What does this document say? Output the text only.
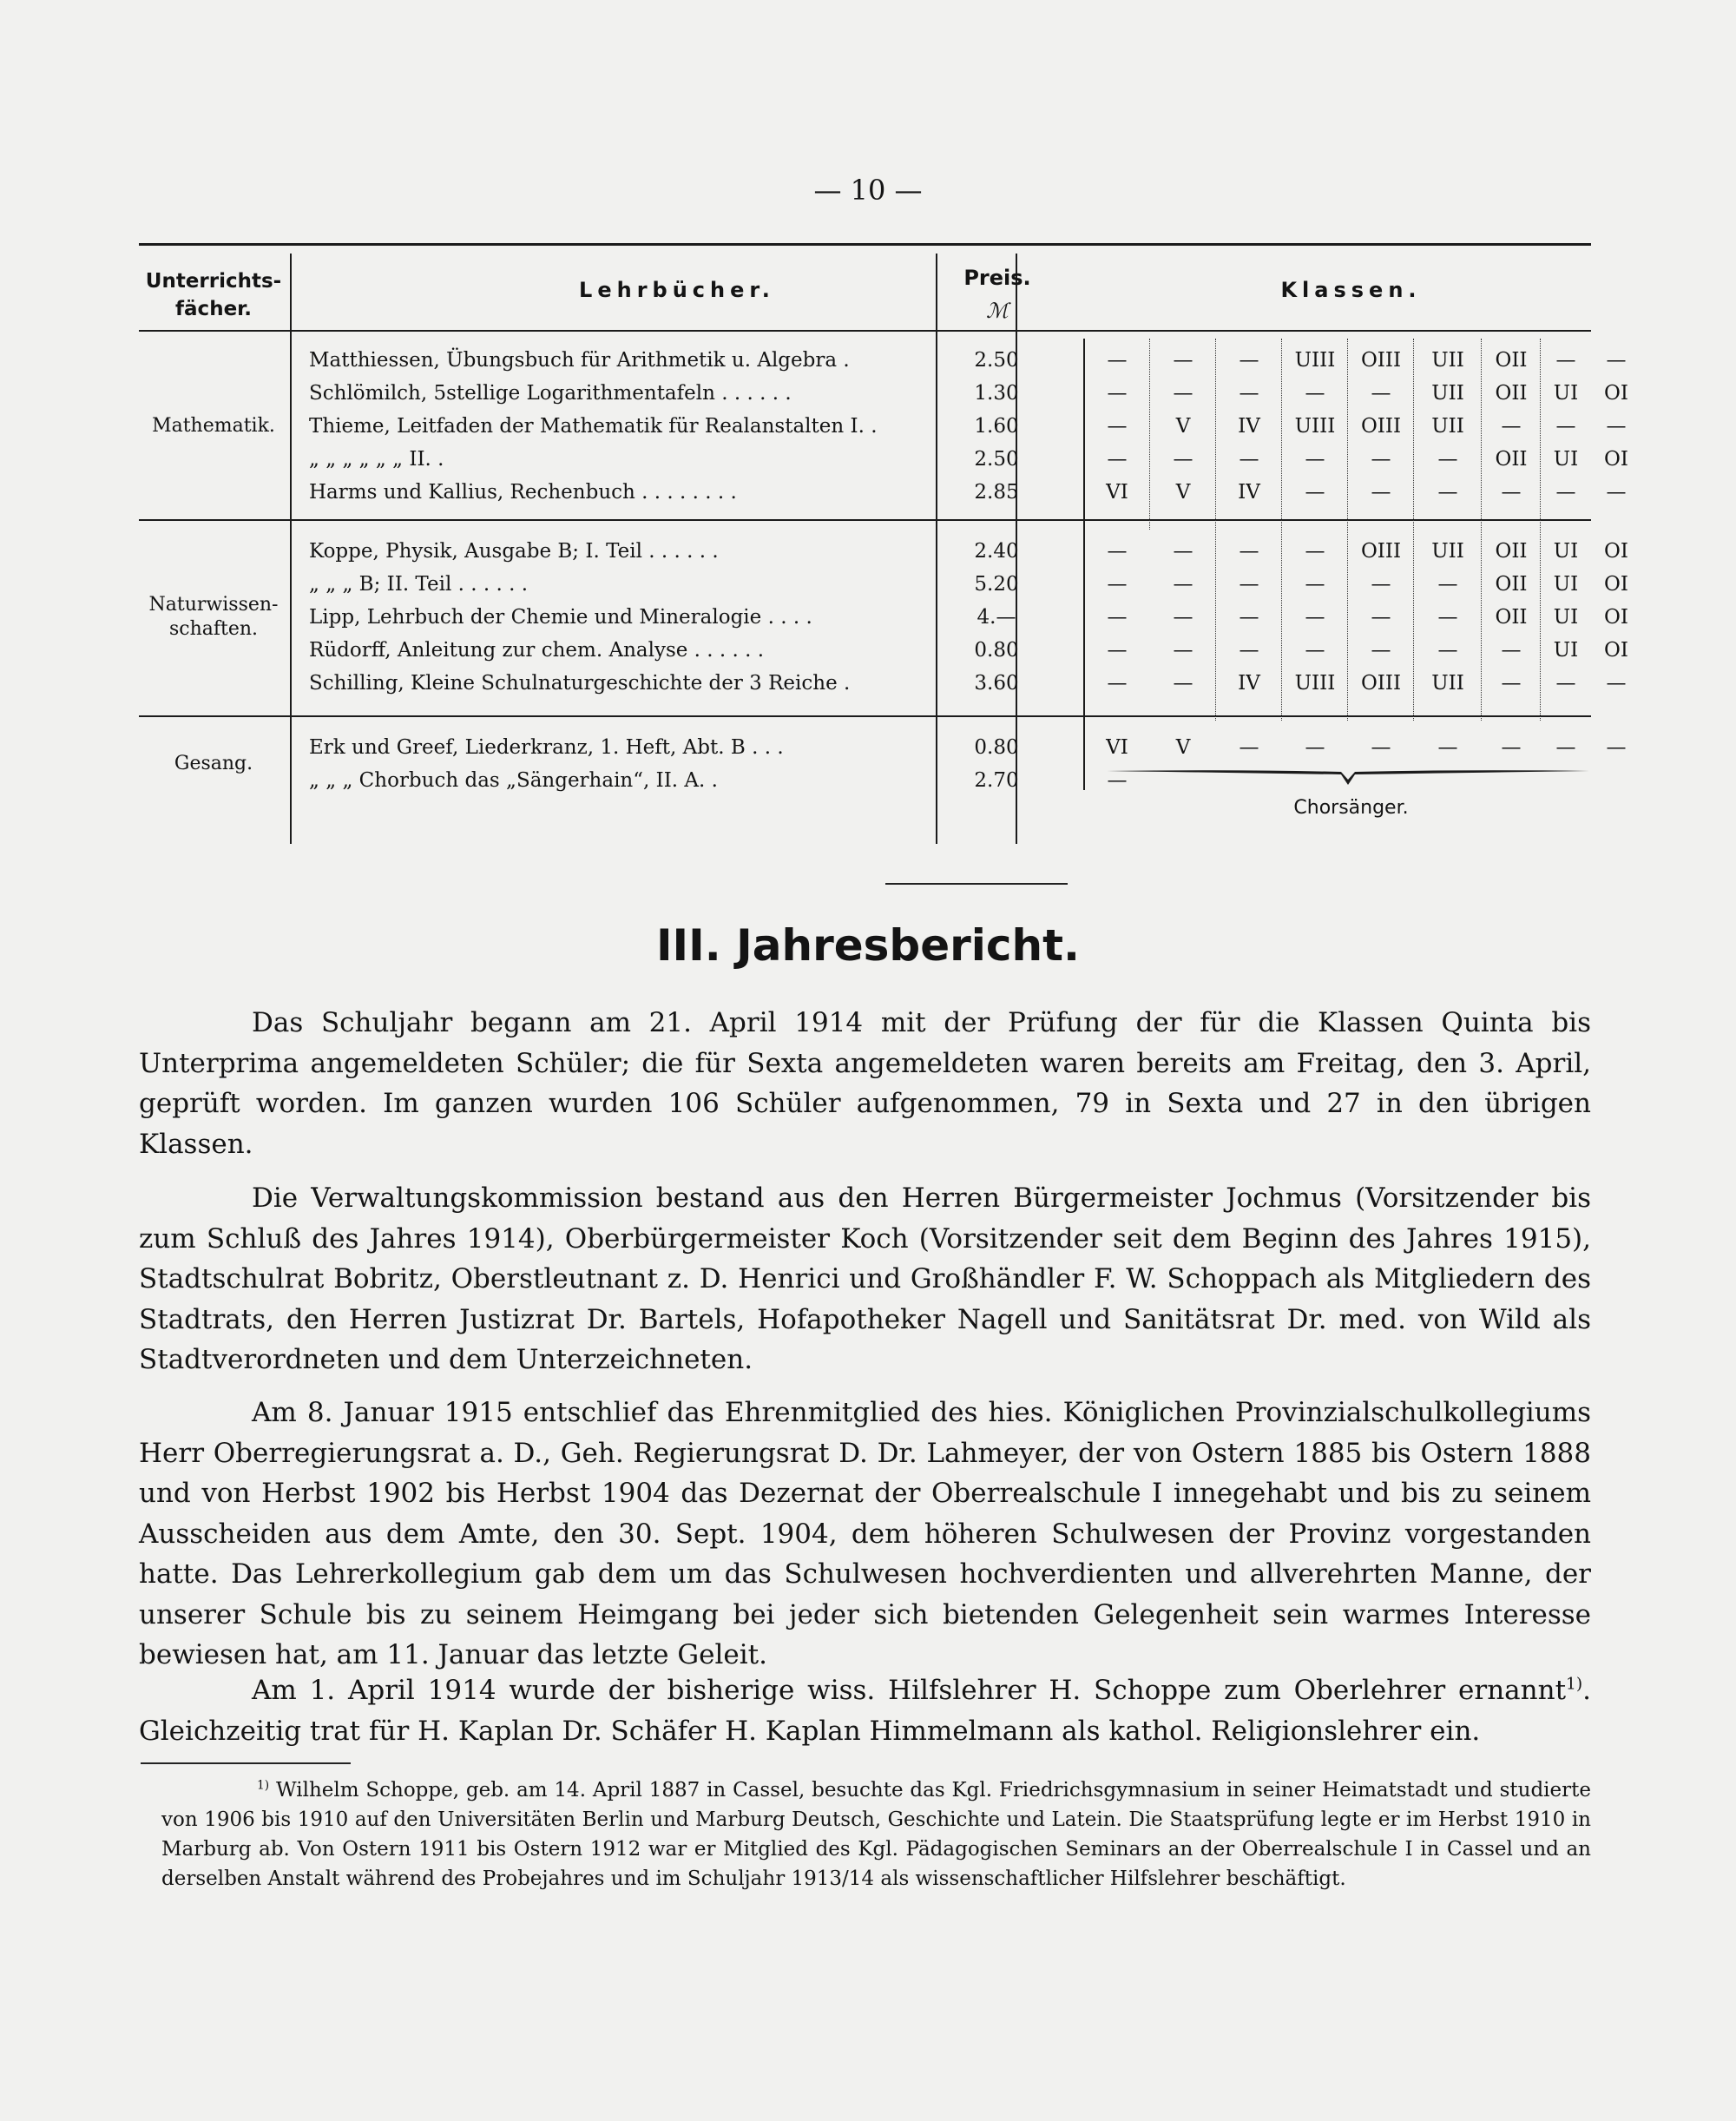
— 10 —
Unterrichts-
fächer.
Lehrbücher.	Preis.
ℳ
Klassen.
Mathematik.
Matthiessen, Übungsbuch für Arithmetik u. Algebra .	2.50	—	—	—	UIII	OIII	UII	OII	—	—
Schlömilch, 5stellige Logarithmentafeln . . . . . .	1.30	—	—	—	—	—	UII	OII	UI	OI
Thieme, Leitfaden der Mathematik für Realanstalten I. .	1.60	—	V	IV	UIII	OIII	UII	—	—	—
„ „ „ „ „ „ II. .	2.50	—	—	—	—	—	—	OII	UI	OI
Harms und Kallius, Rechenbuch . . . . . . . .	2.85	VI	V	IV	—	—	—	—	—	—
Naturwissen-
schaften.
Koppe, Physik, Ausgabe B; I. Teil . . . . . .	2.40	—	—	—	—	OIII	UII	OII	UI	OI
„ „ „ B; II. Teil . . . . . .	5.20	—	—	—	—	—	—	OII	UI	OI
Lipp, Lehrbuch der Chemie und Mineralogie . . . .	4.—	—	—	—	—	—	—	OII	UI	OI
Rüdorff, Anleitung zur chem. Analyse . . . . . .	0.80	—	—	—	—	—	—	—	UI	OI
Schilling, Kleine Schulnaturgeschichte der 3 Reiche .	3.60	—	—	IV	UIII	OIII	UII	—	—	—
Gesang.
Erk und Greef, Liederkranz, 1. Heft, Abt. B . . .	0.80	VI	V	—	—	—	—	—	—	—
„ „ „ Chorbuch das „Sängerhain“, II. A. .	2.70	—
Chorsänger.
III. Jahresbericht.

Das Schuljahr begann am 21. April 1914 mit der Prüfung der für die Klassen Quinta bis Unterprima angemeldeten Schüler; die für Sexta angemeldeten waren bereits am Freitag, den 3. April, geprüft worden. Im ganzen wurden 106 Schüler aufgenommen, 79 in Sexta und 27 in den übrigen Klassen.

Die Verwaltungskommission bestand aus den Herren Bürgermeister Jochmus (Vorsitzender bis zum Schluß des Jahres 1914), Oberbürgermeister Koch (Vorsitzender seit dem Beginn des Jahres 1915), Stadtschulrat Bobritz, Oberstleutnant z. D. Henrici und Großhändler F. W. Schoppach als Mitgliedern des Stadtrats, den Herren Justizrat Dr. Bartels, Hofapotheker Nagell und Sanitätsrat Dr. med. von Wild als Stadtverordneten und dem Unterzeichneten.

Am 8. Januar 1915 entschlief das Ehrenmitglied des hies. Königlichen Provinzialschulkollegiums Herr Oberregierungsrat a. D., Geh. Regierungsrat D. Dr. Lahmeyer, der von Ostern 1885 bis Ostern 1888 und von Herbst 1902 bis Herbst 1904 das Dezernat der Oberrealschule I innegehabt und bis zu seinem Ausscheiden aus dem Amte, den 30. Sept. 1904, dem höheren Schulwesen der Provinz vorgestanden hatte. Das Lehrerkollegium gab dem um das Schulwesen hochverdienten und allverehrten Manne, der unserer Schule bis zu seinem Heimgang bei jeder sich bietenden Gelegenheit sein warmes Interesse bewiesen hat, am 11. Januar das letzte Geleit.

Am 1. April 1914 wurde der bisherige wiss. Hilfslehrer H. Schoppe zum Oberlehrer ernannt$^{1)}$. Gleichzeitig trat für H. Kaplan Dr. Schäfer H. Kaplan Himmelmann als kathol. Religionslehrer ein.

$^{1)}$ Wilhelm Schoppe, geb. am 14. April 1887 in Cassel, besuchte das Kgl. Friedrichsgymnasium in seiner Heimatstadt und studierte von 1906 bis 1910 auf den Universitäten Berlin und Marburg Deutsch, Geschichte und Latein. Die Staatsprüfung legte er im Herbst 1910 in Marburg ab. Von Ostern 1911 bis Ostern 1912 war er Mitglied des Kgl. Pädagogischen Seminars an der Oberrealschule I in Cassel und an derselben Anstalt während des Probejahres und im Schuljahr 1913/14 als wissenschaftlicher Hilfslehrer beschäftigt.
